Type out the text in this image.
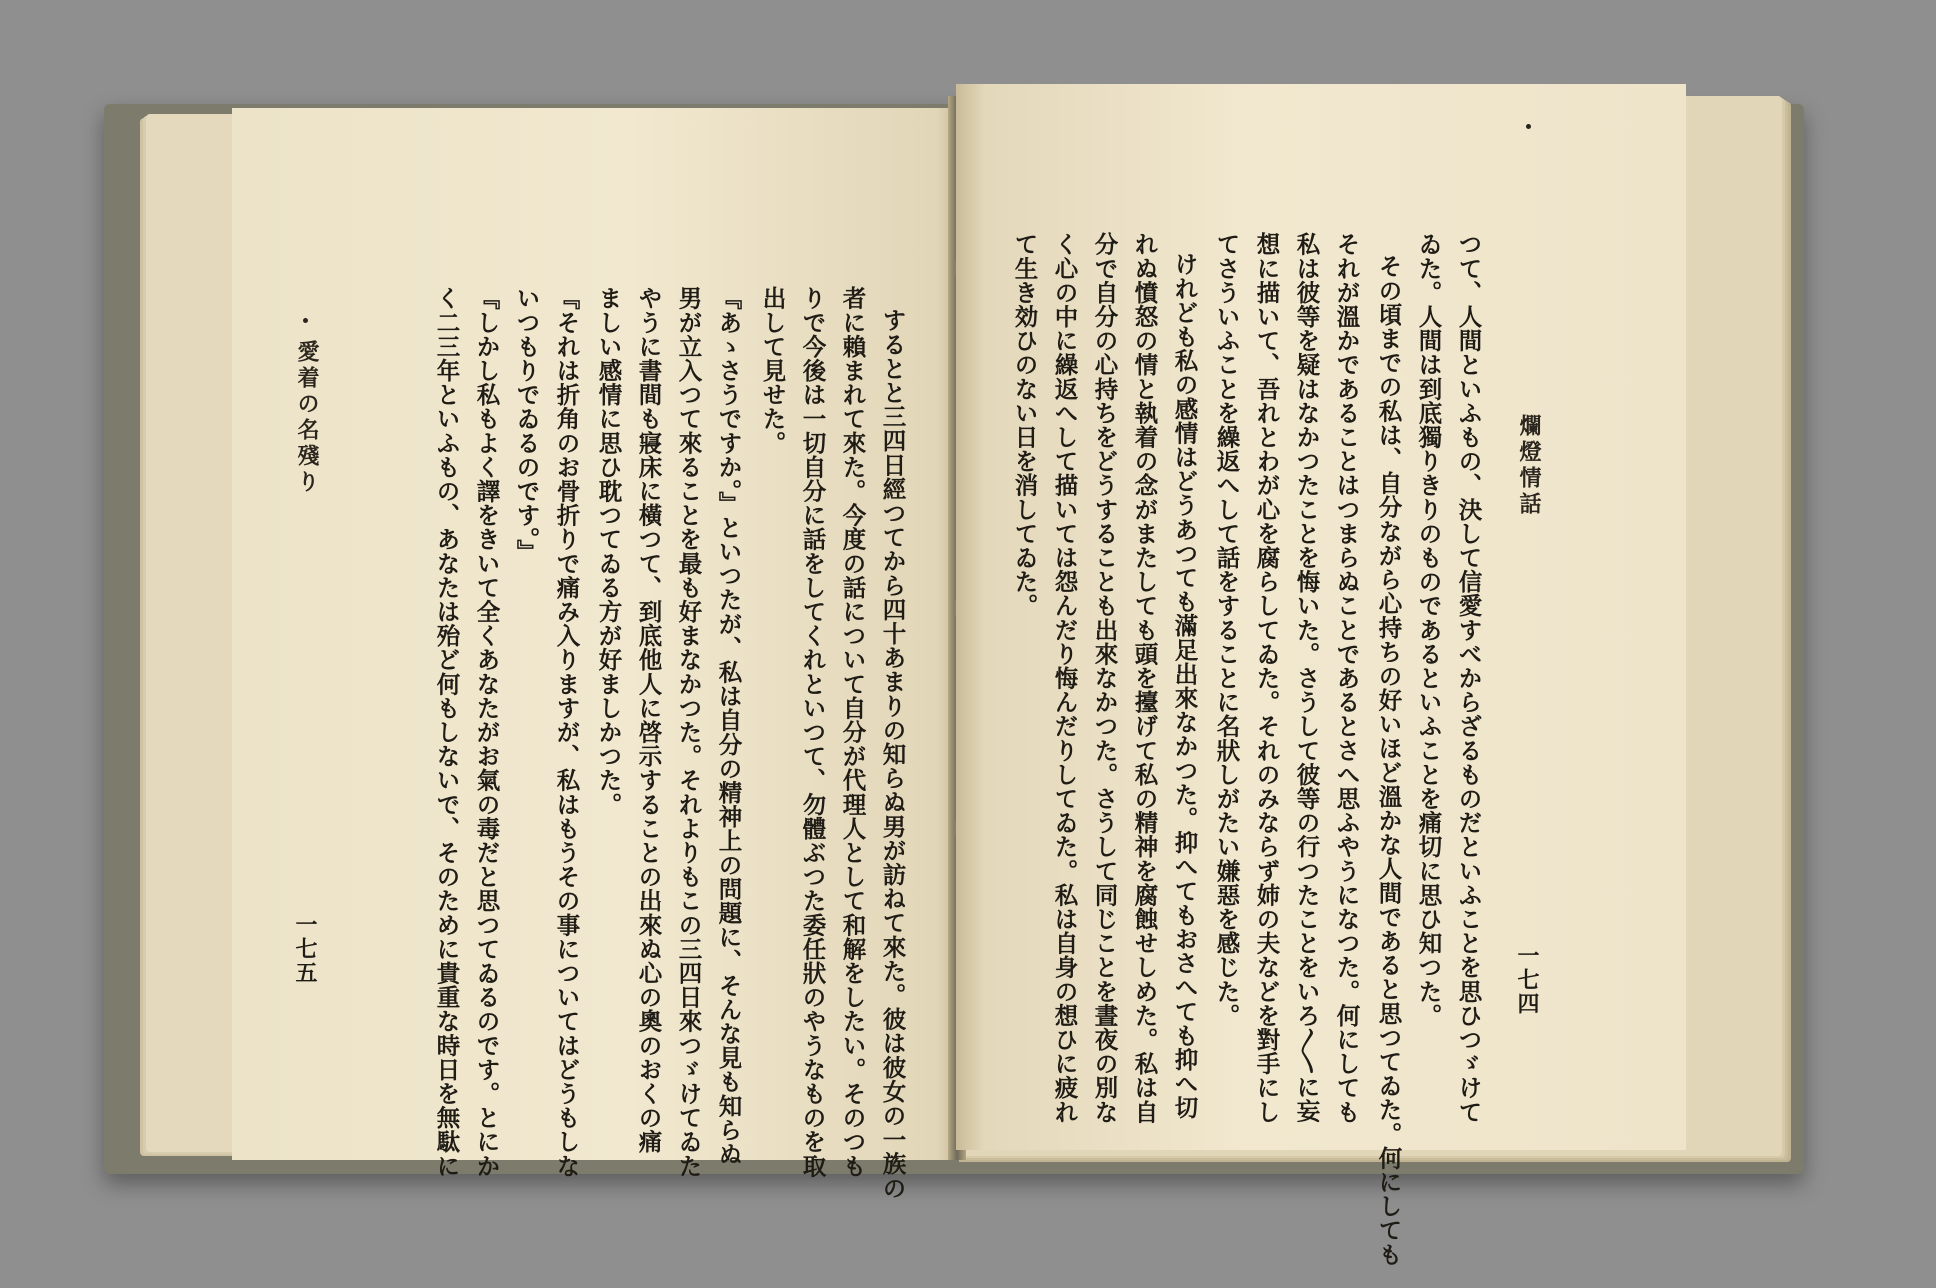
愛着の名殘り
一七五	するとと三四日經つてから四十あまりの知らぬ男が訪ねて來た。彼は彼女の一族の
者に賴まれて來た。今度の話について自分が代理人として和解をしたい。そのつも
りで今後は一切自分に話をしてくれといつて、勿體ぶつた委任狀のやうなものを取
出して見せた。
『あゝさうですか。』といつたが、私は自分の精神上の問題に、そんな見も知らぬ
男が立入つて來ることを最も好まなかつた。それよりもこの三四日來つゞけてゐた
やうに書間も寢床に橫つて、到底他人に啓示することの出來ぬ心の奧のおくの痛
ましい感情に思ひ耽つてゐる方が好ましかつた。
『それは折角のお骨折りで痛み入りますが、私はもうその事についてはどうもしな
いつもりでゐるのです。』
『しかし私もよく譯をきいて全くあなたがお氣の毒だと思つてゐるのです。とにか
く二三年といふもの、あなたは殆ど何もしないで、そのために貴重な時日を無駄に	爛燈情話
一七四
つて、人間といふもの、決して信愛すべからざるものだといふことを思ひつゞけて
ゐた。人間は到底獨りきりのものであるといふことを痛切に思ひ知つた。
その頃までの私は、自分ながら心持ちの好いほど溫かな人間であると思つてゐた。何にしても
それが溫かであることはつまらぬことであるとさへ思ふやうになつた。何にしても
私は彼等を疑はなかつたことを悔いた。さうして彼等の行つたことをいろ〳〵に妄
想に描いて、吾れとわが心を腐らしてゐた。それのみならず姉の夫などを對手にし
てさういふことを繰返へして話をすることに名狀しがたい嫌惡を感じた。
けれども私の感情はどうあつても滿足出來なかつた。抑へてもおさへても抑へ切
れぬ憤怒の情と執着の念がまたしても頭を擡げて私の精神を腐蝕せしめた。私は自
分で自分の心持ちをどうすることも出來なかつた。さうして同じことを晝夜の別な
く心の中に繰返へして描いては怨んだり悔んだりしてゐた。私は自身の想ひに疲れ
て生き効ひのない日を消してゐた。
